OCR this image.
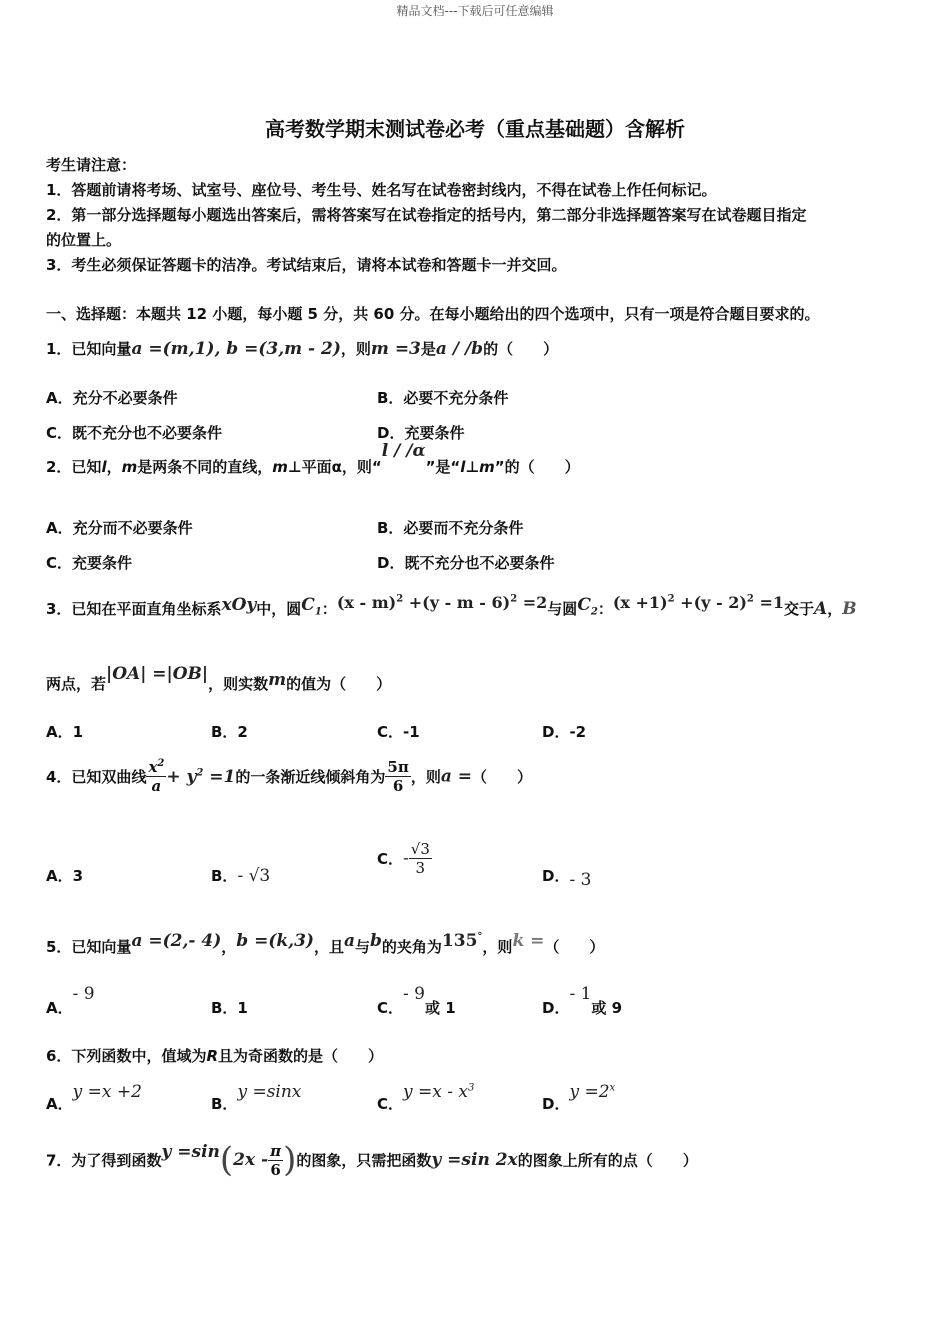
精品文档---下载后可任意编辑
高考数学期末测试卷必考（重点基础题）含解析
考生请注意：
1．答题前请将考场、试室号、座位号、考生号、姓名写在试卷密封线内，不得在试卷上作任何标记。
2．第一部分选择题每小题选出答案后，需将答案写在试卷指定的括号内，第二部分非选择题答案写在试卷题目指定
的位置上。
3．考生必须保证答题卡的洁净。考试结束后，请将本试卷和答题卡一并交回。
一、选择题：本题共 12 小题，每小题 5 分，共 60 分。在每小题给出的四个选项中，只有一项是符合题目要求的。
1．已知向量a =(m,1), b =(3,m - 2)，则m =3是a / /b的（　　）
A．充分不必要条件	B．必要不充分条件
C．既不充分也不必要条件	D．充要条件
2．已知l，m是两条不同的直线，m⊥平面α，则“l / /α”是“l⊥m”的（　　）
A．充分而不必要条件	B．必要而不充分条件
C．充要条件	D．既不充分也不必要条件
3．已知在平面直角坐标系xOy中，圆$C_1$：(x - m)$^2$ +(y - m - 6)$^2$ =2与圆$C_2$：$(x +1)^2 +(y - 2)^2 =1$交于A，B
两点，若|OA| =|OB|，则实数m的值为（　　）
A．1	B．2	C．-1	D．-2
4．已知双曲线 $\frac{x^2}{a} + y^2 =1$的一条渐近线倾斜角为 $\frac{5\pi}{6}$ ，则a =（　　）
A．3	B．- √3
C．- $\frac{√3}{3}$	D．- 3
5．已知向量a =(2,- 4)，b =(k,3)，且a与b的夹角为135°，则k =（　　）
A．- 9
B．1	C．- 9或 1	D．- 1或 9
6．下列函数中，值域为R且为奇函数的是（　　）
A．y =x +2
B．y =sinx
C．$y =x - x^3$
D．$y =2^x$
7．为了得到函数$y =\sin(2x - \frac{\pi}{6}$ )的图象，只需把函数y =sin 2x的图象上所有的点（　　）
